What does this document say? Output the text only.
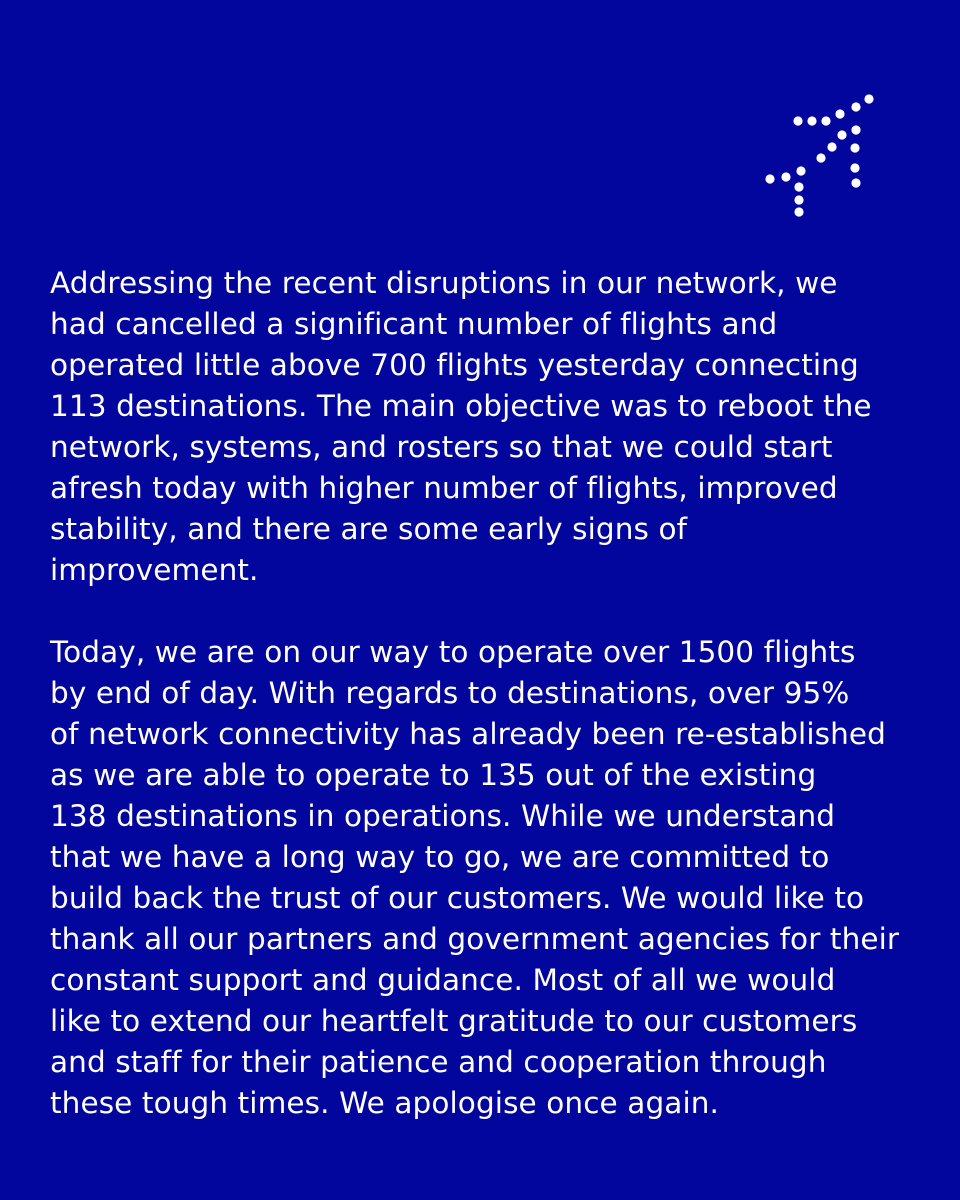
Addressing the recent disruptions in our network, we
had cancelled a significant number of flights and
operated little above 700 flights yesterday connecting
113 destinations. The main objective was to reboot the
network, systems, and rosters so that we could start
afresh today with higher number of flights, improved
stability, and there are some early signs of
improvement.

Today, we are on our way to operate over 1500 flights
by end of day. With regards to destinations, over 95%
of network connectivity has already been re-established
as we are able to operate to 135 out of the existing
138 destinations in operations. While we understand
that we have a long way to go, we are committed to
build back the trust of our customers. We would like to
thank all our partners and government agencies for their
constant support and guidance. Most of all we would
like to extend our heartfelt gratitude to our customers
and staff for their patience and cooperation through
these tough times. We apologise once again.
